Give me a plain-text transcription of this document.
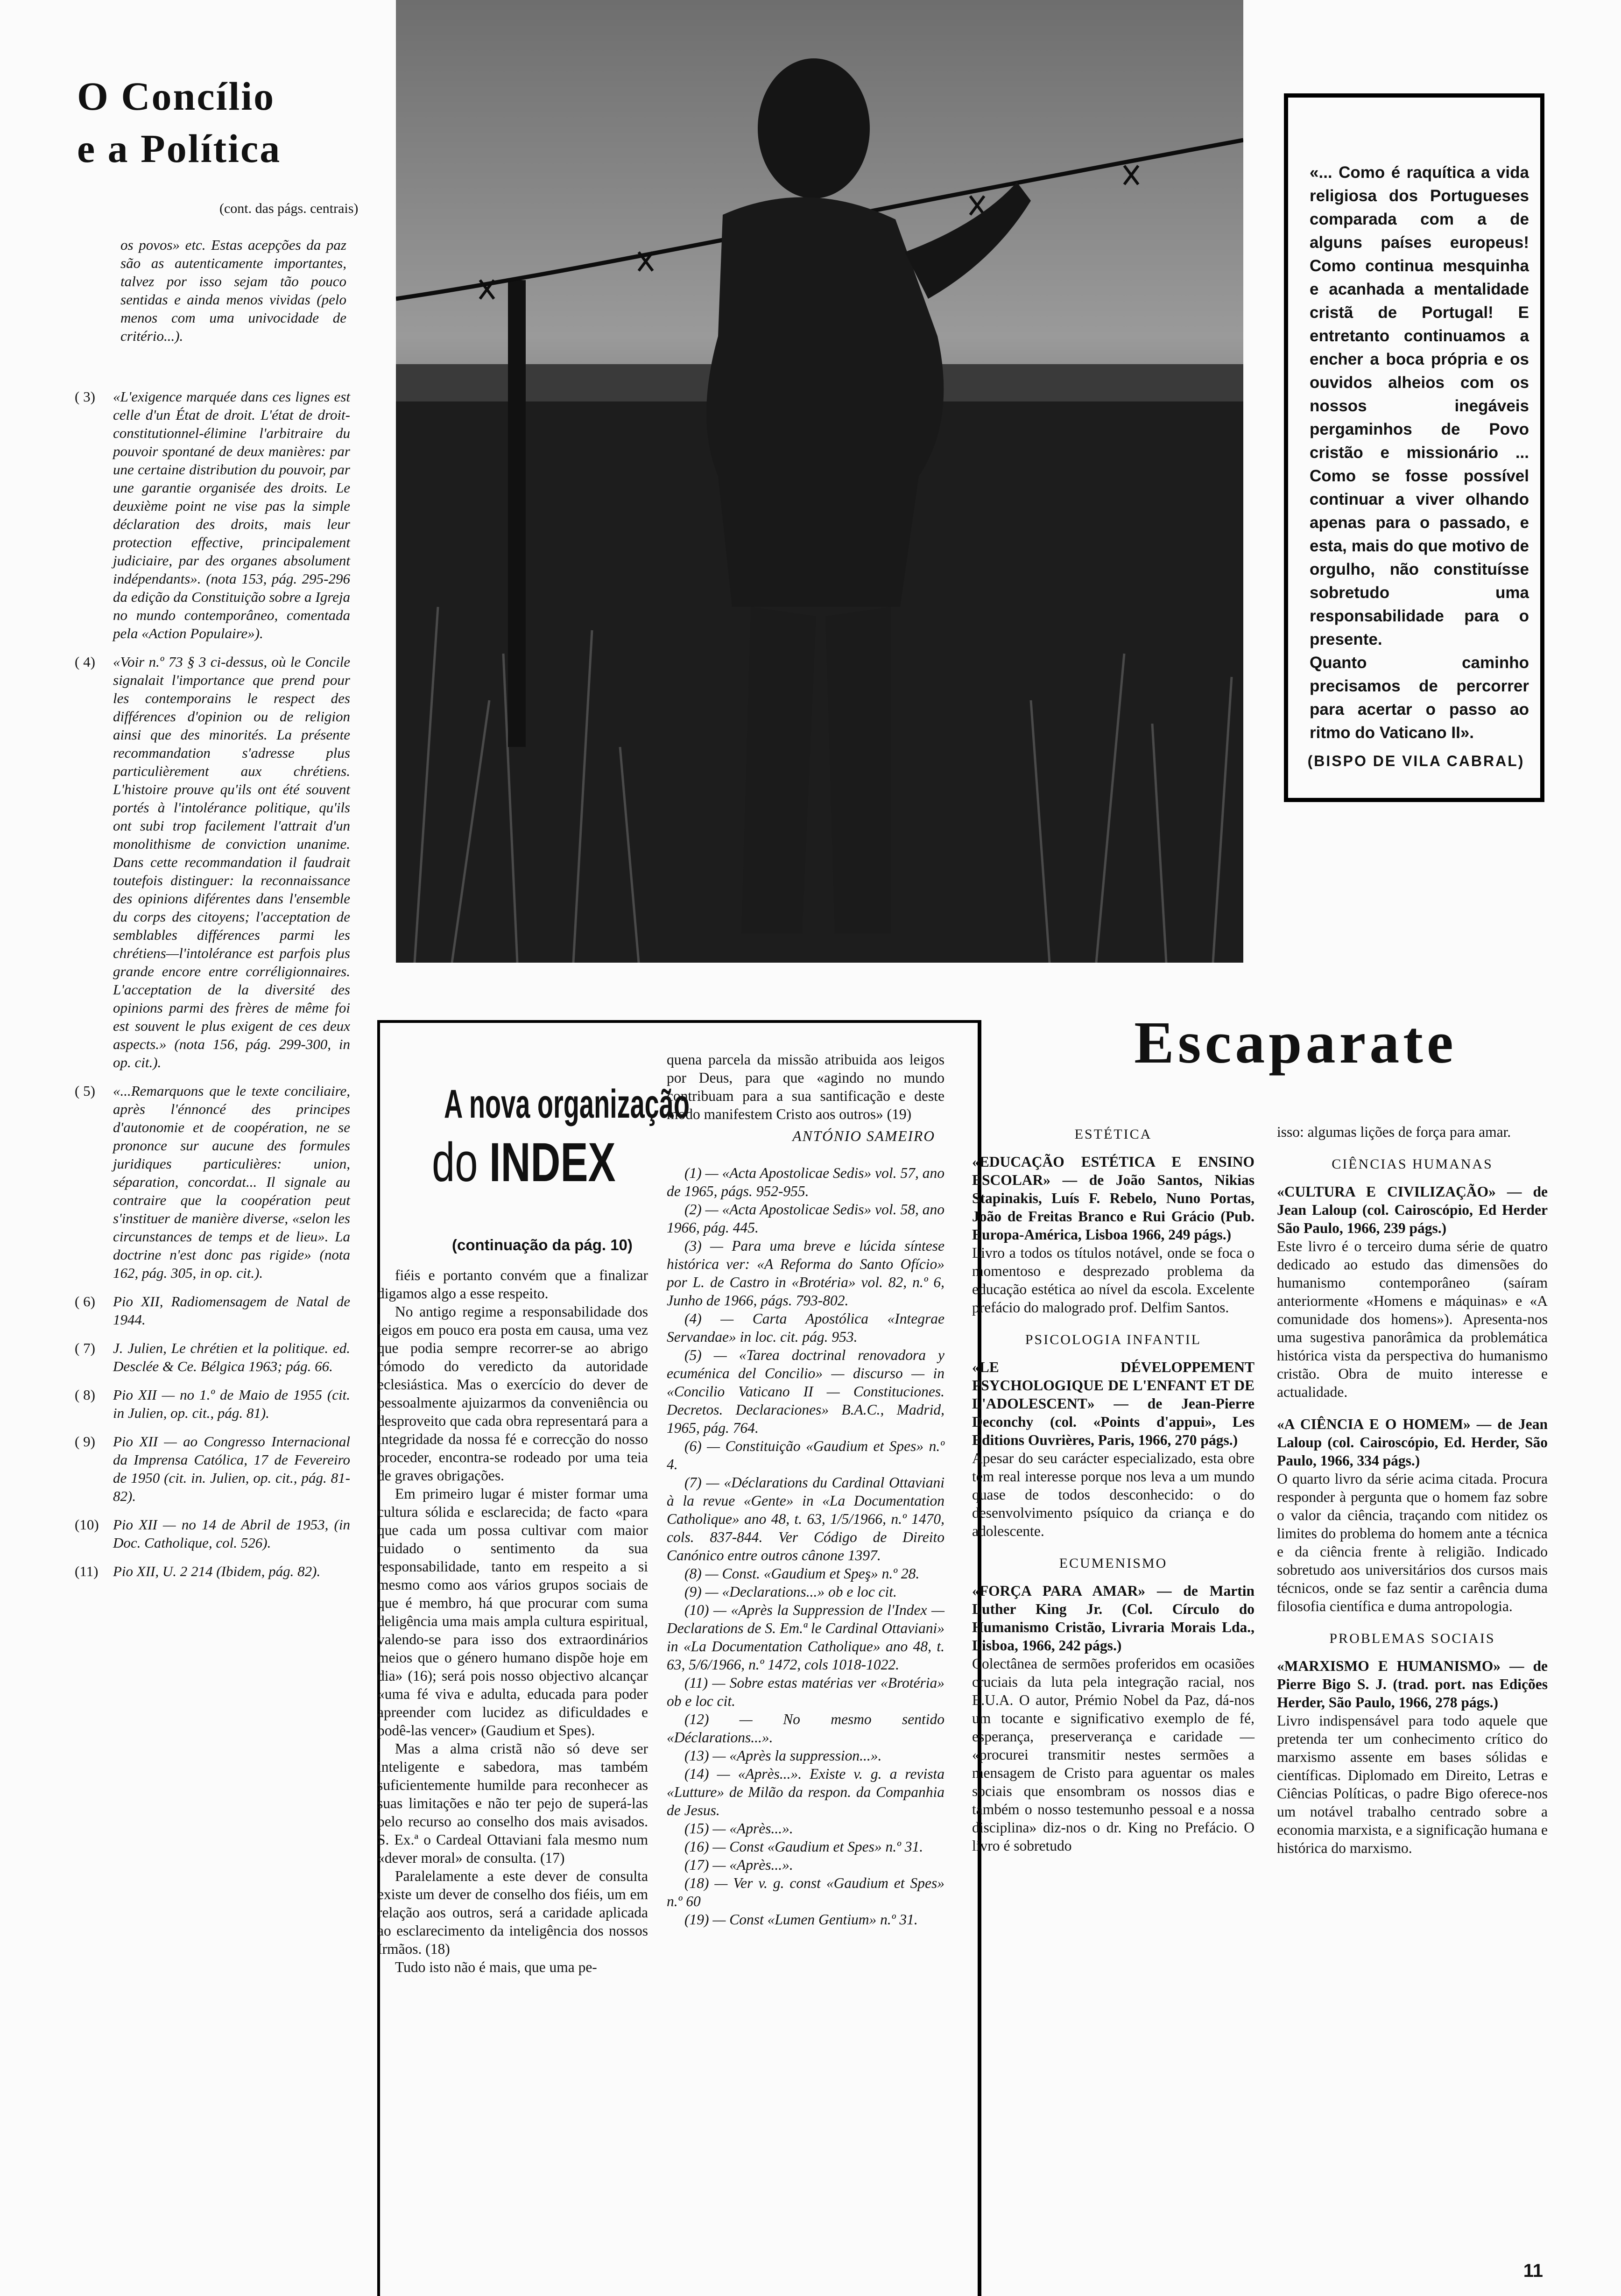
O Concílio
e a Política
(cont. das págs. centrais)
os povos» etc. Estas acepções da paz são as autenticamente importantes, talvez por isso sejam tão pouco sentidas e ainda menos vividas (pelo menos com uma univocidade de critério...).
( 3)	«L'exigence marquée dans ces lignes est celle d'un État de droit. L'état de droit-constitutionnel-élimine l'arbitraire du pouvoir spontané de deux manières: par une certaine distribution du pouvoir, par une garantie organisée des droits. Le deuxième point ne vise pas la simple déclaration des droits, mais leur protection effective, principalement judiciaire, par des organes absolument indépendants». (nota 153, pág. 295-296 da edição da Constituição sobre a Igreja no mundo contemporâneo, comentada pela «Action Populaire»).
( 4)	«Voir n.º 73 § 3 ci-dessus, où le Concile signalait l'importance que prend pour les contemporains le respect des différences d'opinion ou de religion ainsi que des minorités. La présente recommandation s'adresse plus particulièrement aux chrétiens. L'histoire prouve qu'ils ont été souvent portés à l'intolérance politique, qu'ils ont subi trop facilement l'attrait d'un monolithisme de conviction unanime. Dans cette recommandation il faudrait toutefois distinguer: la reconnaissance des opinions diférentes dans l'ensemble du corps des citoyens; l'acceptation de semblables différences parmi les chrétiens—l'intolérance est parfois plus grande encore entre corréligionnaires. L'acceptation de la diversité des opinions parmi des frères de même foi est souvent le plus exigent de ces deux aspects.» (nota 156, pág. 299-300, in op. cit.).
( 5)	«...Remarquons que le texte conciliaire, après l'énnoncé des principes d'autonomie et de coopération, ne se prononce sur aucune des formules juridiques particulières: union, séparation, concordat... Il signale au contraire que la coopération peut s'instituer de manière diverse, «selon les circunstances de temps et de lieu». La doctrine n'est donc pas rigide» (nota 162, pág. 305, in op. cit.).
( 6)	Pio XII, Radiomensagem de Natal de 1944.
( 7)	J. Julien, Le chrétien et la politique. ed. Desclée & Ce. Bélgica 1963; pág. 66.
( 8)	Pio XII — no 1.º de Maio de 1955 (cit. in Julien, op. cit., pág. 81).
( 9)	Pio XII — ao Congresso Internacional da Imprensa Católica, 17 de Fevereiro de 1950 (cit. in. Julien, op. cit., pág. 81-82).
(10) Pio XII — no 14 de Abril de 1953, (in Doc. Catholique, col. 526).
(11)	Pio XII, U. 2 214 (Ibidem, pág. 82).
«... Como é raquítica a vida religiosa dos Portugueses comparada com a de alguns países europeus! Como continua mesquinha e acanhada a mentalidade cristã de Portugal! E entretanto continuamos a encher a boca própria e os ouvidos alheios com os nossos inegáveis pergaminhos de Povo cristão e missionário ... Como se fosse possível continuar a viver olhando apenas para o passado, e esta, mais do que motivo de orgulho, não constituísse sobretudo uma responsabilidade para o presente.
Quanto caminho precisamos de percorrer para acertar o passo ao ritmo do Vaticano II».
(BISPO DE VILA CABRAL)
A nova organização
do INDEX
(continuação da pág. 10)

fiéis e portanto convém que a finalizar digamos algo a esse respeito.

No antigo regime a responsabilidade dos leigos em pouco era posta em causa, uma vez que podia sempre recorrer-se ao abrigo cómodo do veredicto da autoridade eclesiástica. Mas o exercício do dever de pessoalmente ajuizarmos da conveniência ou desproveito que cada obra representará para a integridade da nossa fé e correcção do nosso proceder, encontra-se rodeado por uma teia de graves obrigações.

Em primeiro lugar é mister formar uma cultura sólida e esclarecida; de facto «para que cada um possa cultivar com maior cuidado o sentimento da sua responsabilidade, tanto em respeito a si mesmo como aos vários grupos sociais de que é membro, há que procurar com suma deligência uma mais ampla cultura espiritual, valendo-se para isso dos extraordinários meios que o género humano dispõe hoje em dia» (16); será pois nosso objectivo alcançar «uma fé viva e adulta, educada para poder apreender com lucidez as dificuldades e podê-las vencer» (Gaudium et Spes).

Mas a alma cristã não só deve ser inteligente e sabedora, mas também suficientemente humilde para reconhecer as suas limitações e não ter pejo de superá-las pelo recurso ao conselho dos mais avisados. S. Ex.ª o Cardeal Ottaviani fala mesmo num «dever moral» de consulta. (17)

Paralelamente a este dever de consulta existe um dever de conselho dos fiéis, um em relação aos outros, será a caridade aplicada ao esclarecimento da inteligência dos nossos Irmãos. (18)

Tudo isto não é mais, que uma pe-

quena parcela da missão atribuida aos leigos por Deus, para que «agindo no mundo contribuam para a sua santificação e deste modo manifestem Cristo aos outros» (19)

ANTÓNIO SAMEIRO
(1) — «Acta Apostolicae Sedis» vol. 57, ano de 1965, págs. 952-955.
(2) — «Acta Apostolicae Sedis» vol. 58, ano 1966, pág. 445.
(3) — Para uma breve e lúcida síntese histórica ver: «A Reforma do Santo Ofício» por L. de Castro in «Brotéria» vol. 82, n.º 6, Junho de 1966, págs. 793-802.
(4) — Carta Apostólica «Integrae Servandae» in loc. cit. pág. 953.
(5) — «Tarea doctrinal renovadora y ecuménica del Concilio» — discurso — in «Concilio Vaticano II — Constituciones. Decretos. Declaraciones» B.A.C., Madrid, 1965, pág. 764.
(6) — Constituição «Gaudium et Spes» n.º 4.
(7) — «Déclarations du Cardinal Ottaviani à la revue «Gente» in «La Documentation Catholique» ano 48, t. 63, 1/5/1966, n.º 1470, cols. 837-844. Ver Código de Direito Canónico entre outros cânone 1397.
(8) — Const. «Gaudium et Speş» n.º 28.
(9) — «Declarations...» ob e loc cit.
(10) — «Après la Suppression de l'Index — Declarations de S. Em.ª le Cardinal Ottaviani» in «La Documentation Catholique» ano 48, t. 63, 5/6/1966, n.º 1472, cols 1018-1022.
(11) — Sobre estas matérias ver «Brotéria» ob e loc cit.
(12) — No mesmo sentido «Déclarations...».
(13) — «Après la suppression...».
(14) — «Après...». Existe v. g. a revista «Lutture» de Milão da respon. da Companhia de Jesus.
(15) — «Après...».
(16) — Const «Gaudium et Spes» n.º 31.
(17) — «Après...».
(18) — Ver v. g. const «Gaudium et Spes» n.º 60
(19) — Const «Lumen Gentium» n.º 31.
Escaparate
ESTÉTICA
«EDUCAÇÃO ESTÉTICA E ENSINO ESCOLAR» — de João Santos, Nikias Stapinakis, Luís F. Rebelo, Nuno Portas, João de Freitas Branco e Rui Grácio (Pub. Europa-América, Lisboa 1966, 249 págs.)
Livro a todos os títulos notável, onde se foca o momentoso e desprezado problema da educação estética ao nível da escola. Excelente prefácio do malogrado prof. Delfim Santos.
PSICOLOGIA INFANTIL
«LE DÉVELOPPEMENT PSYCHOLOGIQUE DE L'ENFANT ET DE L'ADOLESCENT» — de Jean-Pierre Deconchy (col. «Points d'appui», Les Editions Ouvrières, Paris, 1966, 270 págs.)
Apesar do seu carácter especializado, esta obre tem real interesse porque nos leva a um mundo quase de todos desconhecido: o do desenvolvimento psíquico da criança e do adolescente.
ECUMENISMO
«FORÇA PARA AMAR» — de Martin Luther King Jr. (Col. Círculo do Humanismo Cristão, Livraria Morais Lda., Lisboa, 1966, 242 págs.)
Colectânea de sermões proferidos em ocasiões cruciais da luta pela integração racial, nos E.U.A. O autor, Prémio Nobel da Paz, dá-nos um tocante e significativo exemplo de fé, esperança, preserverança e caridade — «procurei transmitir nestes sermões a mensagem de Cristo para aguentar os males sociais que ensombram os nossos dias e também o nosso testemunho pessoal e a nossa disciplina» diz-nos o dr. King no Prefácio. O livro é sobretudo
isso: algumas lições de força para amar.
CIÊNCIAS HUMANAS
«CULTURA E CIVILIZAÇÃO» — de Jean Laloup (col. Cairoscópio, Ed Herder São Paulo, 1966, 239 págs.)
Este livro é o terceiro duma série de quatro dedicado ao estudo das dimensões do humanismo contemporâneo (saíram anteriormente «Homens e máquinas» e «A comunidade dos homens»). Apresenta-nos uma sugestiva panorâmica da problemática histórica vista da perspectiva do humanismo cristão. Obra de muito interesse e actualidade.
«A CIÊNCIA E O HOMEM» — de Jean Laloup (col. Cairoscópio, Ed. Herder, São Paulo, 1966, 334 págs.)
O quarto livro da série acima citada. Procura responder à pergunta que o homem faz sobre o valor da ciência, traçando com nitidez os limites do problema do homem ante a técnica e da ciência frente à religião. Indicado sobretudo aos universitários dos cursos mais técnicos, onde se faz sentir a carência duma filosofia científica e duma antropologia.
PROBLEMAS SOCIAIS
«MARXISMO E HUMANISMO» — de Pierre Bigo S. J. (trad. port. nas Edições Herder, São Paulo, 1966, 278 págs.)
Livro indispensável para todo aquele que pretenda ter um conhecimento crítico do marxismo assente em bases sólidas e científicas. Diplomado em Direito, Letras e Ciências Políticas, o padre Bigo oferece-nos um notável trabalho centrado sobre a economia marxista, e a significação humana e histórica do marxismo.
11
